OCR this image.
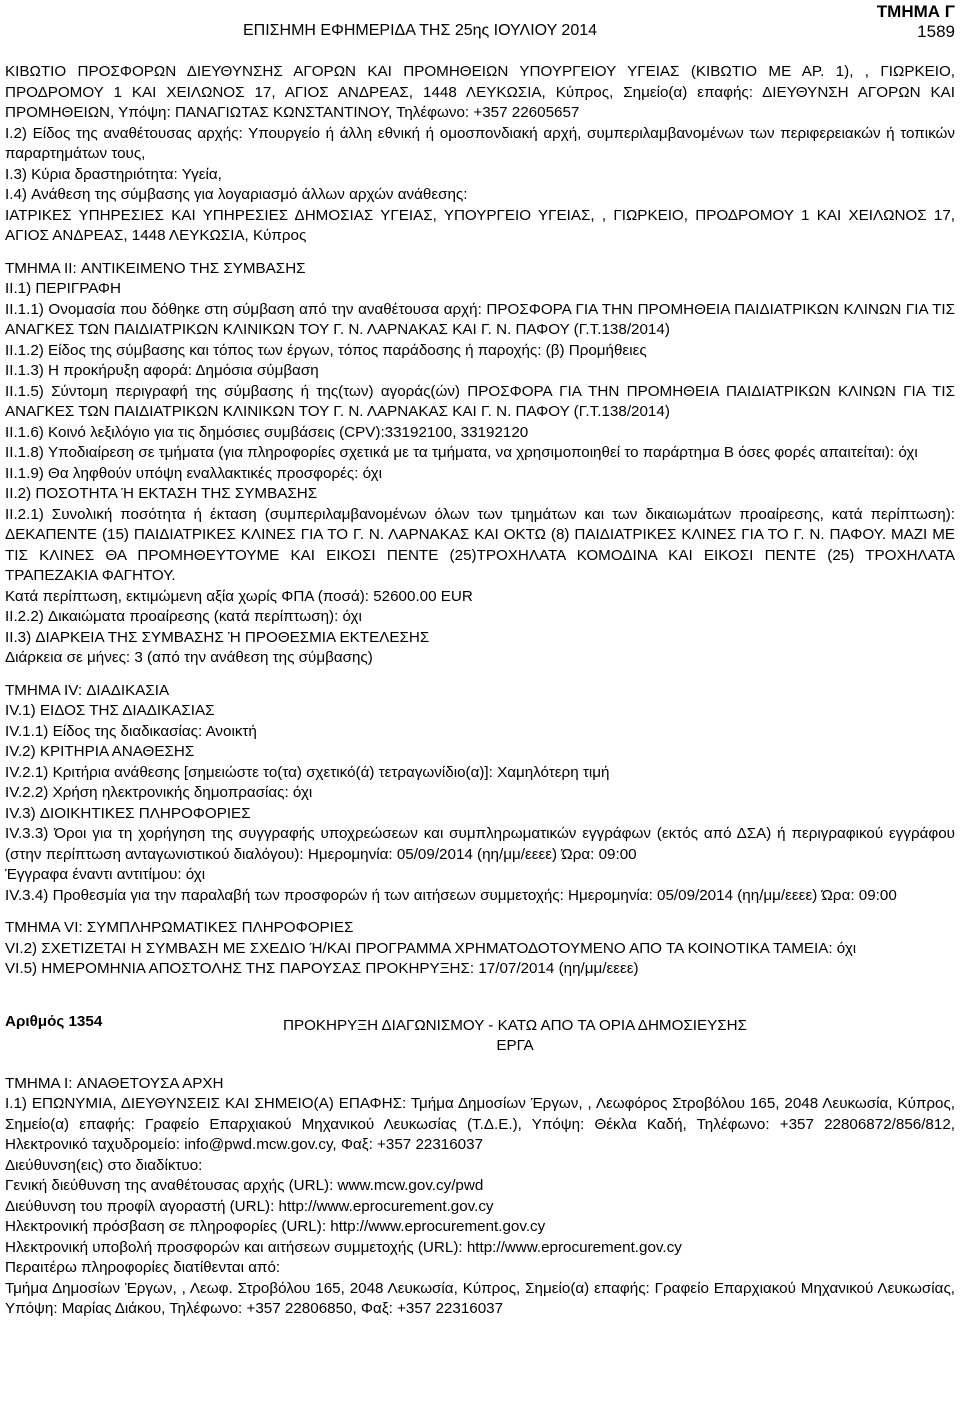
ΕΠΙΣΗΜΗ ΕΦΗΜΕΡΙΔΑ ΤΗΣ 25ης ΙΟΥΛΙΟΥ 2014
ΤΜΗΜΑ Γ
1589

ΚΙΒΩΤΙΟ ΠΡΟΣΦΟΡΩΝ ΔΙΕΥΘΥΝΣΗΣ ΑΓΟΡΩΝ ΚΑΙ ΠΡΟΜΗΘΕΙΩΝ ΥΠΟΥΡΓΕΙΟΥ ΥΓΕΙΑΣ (ΚΙΒΩΤΙΟ ΜΕ ΑΡ. 1), , ΓΙΩΡΚΕΙΟ, ΠΡΟΔΡΟΜΟΥ 1 ΚΑΙ ΧΕΙΛΩΝΟΣ 17, ΑΓΙΟΣ ΑΝΔΡΕΑΣ, 1448 ΛΕΥΚΩΣΙΑ, Κύπρος, Σημείο(α) επαφής: ΔΙΕΥΘΥΝΣΗ ΑΓΟΡΩΝ ΚΑΙ ΠΡΟΜΗΘΕΙΩΝ, Υπόψη: ΠΑΝΑΓΙΩΤΑΣ ΚΩΝΣΤΑΝΤΙΝΟΥ, Τηλέφωνο: +357 22605657

I.2) Είδος της αναθέτουσας αρχής: Υπουργείο ή άλλη εθνική ή ομοσπονδιακή αρχή, συμπεριλαμβανομένων των περιφερειακών ή τοπικών παραρτημάτων τους,

I.3) Κύρια δραστηριότητα: Υγεία,

I.4) Ανάθεση της σύμβασης για λογαριασμό άλλων αρχών ανάθεσης:

ΙΑΤΡΙΚΕΣ ΥΠΗΡΕΣΙΕΣ ΚΑΙ ΥΠΗΡΕΣΙΕΣ ΔΗΜΟΣΙΑΣ ΥΓΕΙΑΣ, ΥΠΟΥΡΓΕΙΟ ΥΓΕΙΑΣ, , ΓΙΩΡΚΕΙΟ, ΠΡΟΔΡΟΜΟΥ 1 ΚΑΙ ΧΕΙΛΩΝΟΣ 17, ΑΓΙΟΣ ΑΝΔΡΕΑΣ, 1448 ΛΕΥΚΩΣΙΑ, Κύπρος

ΤΜΗΜΑ II: ΑΝΤΙΚΕΙΜΕΝΟ ΤΗΣ ΣΥΜΒΑΣΗΣ

II.1) ΠΕΡΙΓΡΑΦΗ

II.1.1) Ονομασία που δόθηκε στη σύμβαση από την αναθέτουσα αρχή: ΠΡΟΣΦΟΡΑ ΓΙΑ ΤΗΝ ΠΡΟΜΗΘΕΙΑ ΠΑΙΔΙΑΤΡΙΚΩΝ ΚΛΙΝΩΝ ΓΙΑ ΤΙΣ ΑΝΑΓΚΕΣ ΤΩΝ ΠΑΙΔΙΑΤΡΙΚΩΝ ΚΛΙΝΙΚΩΝ ΤΟΥ Γ. Ν. ΛΑΡΝΑΚΑΣ ΚΑΙ Γ. Ν. ΠΑΦΟΥ (Γ.Τ.138/2014)

II.1.2) Είδος της σύμβασης και τόπος των έργων, τόπος παράδοσης ή παροχής: (β) Προμήθειες

II.1.3) Η προκήρυξη αφορά: Δημόσια σύμβαση

II.1.5) Σύντομη περιγραφή της σύμβασης ή της(των) αγοράς(ών) ΠΡΟΣΦΟΡΑ ΓΙΑ ΤΗΝ ΠΡΟΜΗΘΕΙΑ ΠΑΙΔΙΑΤΡΙΚΩΝ ΚΛΙΝΩΝ ΓΙΑ ΤΙΣ ΑΝΑΓΚΕΣ ΤΩΝ ΠΑΙΔΙΑΤΡΙΚΩΝ ΚΛΙΝΙΚΩΝ ΤΟΥ Γ. Ν. ΛΑΡΝΑΚΑΣ ΚΑΙ Γ. Ν. ΠΑΦΟΥ (Γ.Τ.138/2014)

II.1.6) Κοινό λεξιλόγιο για τις δημόσιες συμβάσεις (CPV):33192100, 33192120

II.1.8) Υποδιαίρεση σε τμήματα (για πληροφορίες σχετικά με τα τμήματα, να χρησιμοποιηθεί το παράρτημα Β όσες φορές απαιτείται): όχι

II.1.9) Θα ληφθούν υπόψη εναλλακτικές προσφορές: όχι

II.2) ΠΟΣΟΤΗΤΑ Ή ΕΚΤΑΣΗ ΤΗΣ ΣΥΜΒΑΣΗΣ

II.2.1) Συνολική ποσότητα ή έκταση (συμπεριλαμβανομένων όλων των τμημάτων και των δικαιωμάτων προαίρεσης, κατά περίπτωση): ΔΕΚΑΠΕΝΤΕ (15) ΠΑΙΔΙΑΤΡΙΚΕΣ ΚΛΙΝΕΣ ΓΙΑ ΤΟ Γ. Ν. ΛΑΡΝΑΚΑΣ ΚΑΙ ΟΚΤΩ (8) ΠΑΙΔΙΑΤΡΙΚΕΣ ΚΛΙΝΕΣ ΓΙΑ ΤΟ Γ. Ν. ΠΑΦΟΥ. ΜΑΖΙ ΜΕ ΤΙΣ ΚΛΙΝΕΣ ΘΑ ΠΡΟΜΗΘΕΥΤΟΥΜΕ ΚΑΙ ΕΙΚΟΣΙ ΠΕΝΤΕ (25)ΤΡΟΧΗΛΑΤΑ ΚΟΜΟΔΙΝΑ ΚΑΙ ΕΙΚΟΣΙ ΠΕΝΤΕ (25) ΤΡΟΧΗΛΑΤΑ ΤΡΑΠΕΖΑΚΙΑ ΦΑΓΗΤΟΥ.

Κατά περίπτωση, εκτιμώμενη αξία χωρίς ΦΠΑ (ποσά): 52600.00 EUR

II.2.2) Δικαιώματα προαίρεσης (κατά περίπτωση): όχι

II.3) ΔΙΑΡΚΕΙΑ ΤΗΣ ΣΥΜΒΑΣΗΣ Ή ΠΡΟΘΕΣΜΙΑ ΕΚΤΕΛΕΣΗΣ

Διάρκεια σε μήνες: 3 (από την ανάθεση της σύμβασης)

ΤΜΗΜΑ IV: ΔΙΑΔΙΚΑΣΙΑ

IV.1) ΕΙΔΟΣ ΤΗΣ ΔΙΑΔΙΚΑΣΙΑΣ

IV.1.1) Είδος της διαδικασίας: Ανοικτή

IV.2) ΚΡΙΤΗΡΙΑ ΑΝΑΘΕΣΗΣ

IV.2.1) Κριτήρια ανάθεσης [σημειώστε το(τα) σχετικό(ά) τετραγωνίδιο(α)]: Χαμηλότερη τιμή

IV.2.2) Χρήση ηλεκτρονικής δημοπρασίας: όχι

IV.3) ΔΙΟΙΚΗΤΙΚΕΣ ΠΛΗΡΟΦΟΡΙΕΣ

IV.3.3) Όροι για τη χορήγηση της συγγραφής υποχρεώσεων και συμπληρωματικών εγγράφων (εκτός από ΔΣΑ) ή περιγραφικού εγγράφου (στην περίπτωση ανταγωνιστικού διαλόγου): Ημερομηνία: 05/09/2014 (ηη/μμ/εεεε) Ώρα: 09:00

Έγγραφα έναντι αντιτίμου: όχι

IV.3.4) Προθεσμία για την παραλαβή των προσφορών ή των αιτήσεων συμμετοχής: Ημερομηνία: 05/09/2014 (ηη/μμ/εεεε) Ώρα: 09:00

ΤΜΗΜΑ VI: ΣΥΜΠΛΗΡΩΜΑΤΙΚΕΣ ΠΛΗΡΟΦΟΡΙΕΣ

VI.2) ΣΧΕΤΙΖΕΤΑΙ Η ΣΥΜΒΑΣΗ ΜΕ ΣΧΕΔΙΟ Ή/ΚΑΙ ΠΡΟΓΡΑΜΜΑ ΧΡΗΜΑΤΟΔΟΤΟΥΜΕΝΟ ΑΠΟ ΤΑ ΚΟΙΝΟΤΙΚΑ ΤΑΜΕΙΑ: όχι

VI.5) ΗΜΕΡΟΜΗΝΙΑ ΑΠΟΣΤΟΛΗΣ ΤΗΣ ΠΑΡΟΥΣΑΣ ΠΡΟΚΗΡΥΞΗΣ: 17/07/2014 (ηη/μμ/εεεε)

Αριθμός 1354	ΠΡΟΚΗΡΥΞΗ ΔΙΑΓΩΝΙΣΜΟΥ - ΚΑΤΩ ΑΠΟ ΤΑ ΟΡΙΑ ΔΗΜΟΣΙΕΥΣΗΣ
ΕΡΓΑ

ΤΜΗΜΑ I: ΑΝΑΘΕΤΟΥΣΑ ΑΡΧΗ

I.1) ΕΠΩΝΥΜΙΑ, ΔΙΕΥΘΥΝΣΕΙΣ ΚΑΙ ΣΗΜΕΙΟ(Α) ΕΠΑΦΗΣ: Τμήμα Δημοσίων Έργων, , Λεωφόρος Στροβόλου 165, 2048 Λευκωσία, Κύπρος, Σημείο(α) επαφής: Γραφείο Επαρχιακού Μηχανικού Λευκωσίας (Τ.Δ.Ε.), Υπόψη: Θέκλα Καδή, Τηλέφωνο: +357 22806872/856/812, Ηλεκτρονικό ταχυδρομείο: info@pwd.mcw.gov.cy, Φαξ: +357 22316037

Διεύθυνση(εις) στο διαδίκτυο:

Γενική διεύθυνση της αναθέτουσας αρχής (URL): www.mcw.gov.cy/pwd

Διεύθυνση του προφίλ αγοραστή (URL): http://www.eprocurement.gov.cy

Ηλεκτρονική πρόσβαση σε πληροφορίες (URL): http://www.eprocurement.gov.cy

Ηλεκτρονική υποβολή προσφορών και αιτήσεων συμμετοχής (URL): http://www.eprocurement.gov.cy

Περαιτέρω πληροφορίες διατίθενται από:

Τμήμα Δημοσίων Έργων, , Λεωφ. Στροβόλου 165, 2048 Λευκωσία, Κύπρος, Σημείο(α) επαφής: Γραφείο Επαρχιακού Μηχανικού Λευκωσίας, Υπόψη: Μαρίας Διάκου, Τηλέφωνο: +357 22806850, Φαξ: +357 22316037
